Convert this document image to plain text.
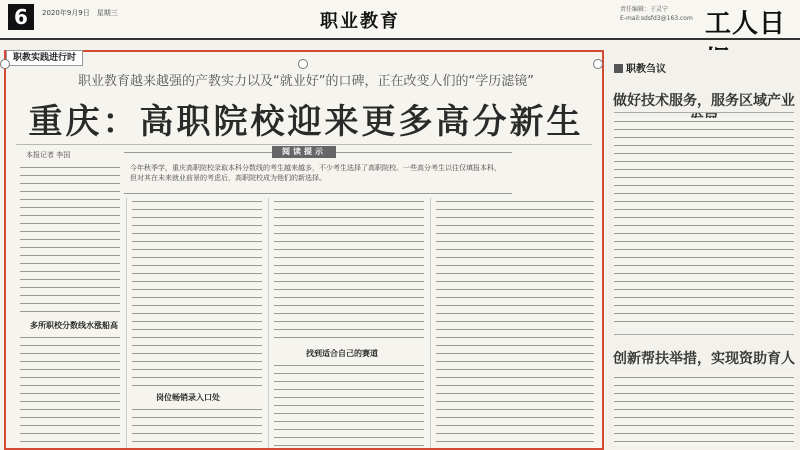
6	2020年9月9日　星期三	职业教育
责任编辑：于灵宁
E-mail:sdsfd3@163.com 工人日
职教实践进行时
职业教育越来越强的产教实力以及“就业好”的口碑，正在改变人们的“学历滤镜”
重庆：高职院校迎来更多高分新生
本报记者 李国	阅读提示
今年秋季学，重庆高职院校录取本科分数线的考生越来越多，不少考生选择了高职院校。一些高分考生以往仅填报本科，但对其在未来就业前景的考虑后，高职院校成为他们的新选择。
多所职校分数线水涨船高
岗位畅销录入口处
找到适合自己的赛道
职教刍议
做好技术服务，服务区域产业
创新帮扶举措，实现资助育人
